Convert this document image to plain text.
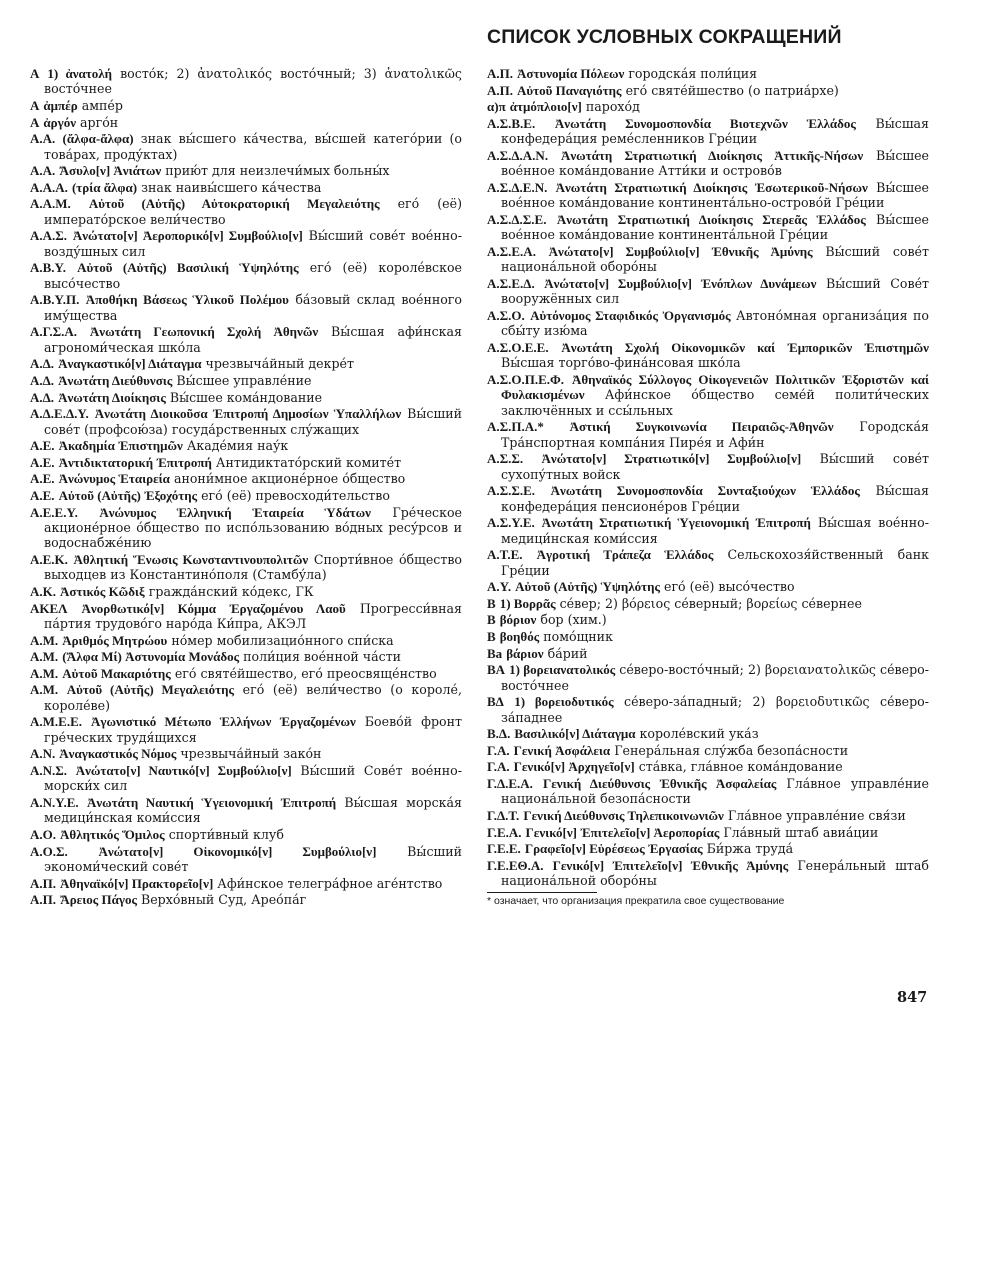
СПИСОК УСЛОВНЫХ СОКРАЩЕНИЙ

A 1) ἀνατολή восто́к; 2) ἀνατολικός восто́чный; 3) ἀνατολικῶς восто́чнее

A ἀμπέρ ампе́р

A ἀργόν арго́н

A.A. (ἄλφα-ἄλφα) знак вы́сшего ка́чества, вы́сшей катего́рии (о това́рах, проду́ктах)

A.A. Ἄσυλο[ν] Ἀνιάτων прию́т для неизлечи́мых больны́х

A.A.A. (τρία ἄλφα) знак наивы́сшего ка́чества

A.A.M. Αὐτοῦ (Αὐτῆς) Αὐτοκρατορική Μεγαλειότης его́ (её) императо́рское вели́чество

A.A.Σ. Ἀνώτατο[ν] Ἀεροπορικό[ν] Συμβούλιο[ν] Вы́сший сове́т вое́нно-возду́шных сил

A.B.Y. Αὐτοῦ (Αὐτῆς) Βασιλική Ὑψηλότης его́ (её) короле́вское высо́чество

A.B.Y.Π. Ἀποθήκη Βάσεως Ὑλικοῦ Πολέμου ба́зовый склад вое́нного иму́щества

A.Γ.Σ.A. Ἀνωτάτη Γεωπονική Σχολή Ἀθηνῶν Вы́сшая афи́нская агрономи́ческая шко́ла

A.Δ. Ἀναγκαστικό[ν] Διάταγμα чрезвыча́йный декре́т

A.Δ. Ἀνωτάτη Διεύθυνσις Вы́сшее управле́ние

A.Δ. Ἀνωτάτη Διοίκησις Вы́сшее кома́ндование

A.Δ.E.Δ.Y. Ἀνωτάτη Διοικοῦσα Ἐπιτροπή Δημοσίων Ὑπαλλήλων Вы́сший сове́т (профсою́за) госуда́рственных слу́жащих

A.E. Ἀκαδημία Ἐπιστημῶν Акаде́мия нау́к

A.E. Ἀντιδικτατορική Ἐπιτροπή Антидиктато́рский комите́т

A.E. Ἀνώνυμος Ἑταιρεία анони́мное акционе́рное о́бщество

A.E. Αὐτοῦ (Αὐτῆς) Ἐξοχότης его́ (её) превосходи́тельство

A.E.E.Y. Ἀνώνυμος Ἑλληνική Ἑταιρεία Ὑδάτων Гре́ческое акционе́рное о́бщество по испо́льзованию во́дных ресу́рсов и водоснабже́нию

A.E.K. Ἀθλητική Ἕνωσις Κωνσταντινουπολιτῶν Спорти́вное о́бщество выходцев из Константино́поля (Стамбу́ла)

A.K. Ἀστικός Κῶδιξ гражда́нский ко́декс, ГК

AKEΛ Ἀνορθωτικό[ν] Κόμμα Ἐργαζομένου Λαοῦ Прогресси́вная па́ртия трудово́го наро́да Ки́пра, АКЭЛ

A.M. Ἀριθμός Μητρώου но́мер мобилизацио́нного спи́ска

A.M. (Ἄλφα Μί) Ἀστυνομία Μονάδος поли́ция вое́нной ча́сти

A.M. Αὐτοῦ Μακαριότης его́ святе́йшество, его́ преосвяще́нство

A.M. Αὐτοῦ (Αὐτῆς) Μεγαλειότης его́ (её) вели́чество (о короле́, короле́ве)

A.M.E.E. Ἀγωνιστικό Μέτωπο Ἑλλήνων Ἐργαζομένων Боево́й фронт гре́ческих трудя́щихся

A.N. Ἀναγκαστικός Νόμος чрезвыча́йный зако́н

A.N.Σ. Ἀνώτατο[ν] Ναυτικό[ν] Συμβούλιο[ν] Вы́сший Сове́т вое́нно-морски́х сил

A.N.Y.E. Ἀνωτάτη Ναυτική Ὑγειονομική Ἐπιτροπή Вы́сшая морска́я медици́нская коми́ссия

A.O. Ἀθλητικός Ὅμιλος спорти́вный клуб

A.O.Σ. Ἀνώτατο[ν] Οἰκονομικό[ν] Συμβούλιο[ν] Вы́сший экономи́ческий сове́т

A.Π. Ἀθηναϊκό[ν] Πρακτορεῖο[ν] Афи́нское телегра́фное аге́нтство

A.Π. Ἄρειος Πάγος Верхо́вный Суд, Арео́па́г

A.Π. Ἀστυνομία Πόλεων городска́я поли́ция

A.Π. Αὐτοῦ Παναγιότης его́ святе́йшество (о патриа́рхе)

α)π ἀτμόπλοιο[ν] парохо́д

A.Σ.B.E. Ἀνωτάτη Συνομοσπονδία Βιοτεχνῶν Ἑλλάδος Вы́сшая конфедера́ция реме́сленников Гре́ции

A.Σ.Δ.A.N. Ἀνωτάτη Στρατιωτική Διοίκησις Ἀττικῆς-Νήσων Вы́сшее вое́нное кома́ндование Атти́ки и острово́в

A.Σ.Δ.E.N. Ἀνωτάτη Στρατιωτική Διοίκησις Ἐσωτερικοῦ-Νήσων Вы́сшее вое́нное кома́ндование континента́льно-острово́й Гре́ции

A.Σ.Δ.Σ.E. Ἀνωτάτη Στρατιωτική Διοίκησις Στερεᾶς Ἑλλάδος Вы́сшее вое́нное кома́ндование континента́льной Гре́ции

A.Σ.E.A. Ἀνώτατο[ν] Συμβούλιο[ν] Ἐθνικῆς Ἀμύνης Вы́сший сове́т национа́льной оборо́ны

A.Σ.E.Δ. Ἀνώτατο[ν] Συμβούλιο[ν] Ἐνόπλων Δυνάμεων Вы́сший Сове́т вооружённых сил

A.Σ.O. Αὐτόνομος Σταφιδικός Ὀργανισμός Автоно́мная организа́ция по сбы́ту изю́ма

A.Σ.O.E.E. Ἀνωτάτη Σχολή Οἰκονομικῶν καί Ἐμπορικῶν Ἐπιστημῶν Вы́сшая торго́во-фина́нсовая шко́ла

A.Σ.O.Π.E.Φ. Ἀθηναϊκός Σύλλογος Οἰκογενειῶν Πολιτικῶν Ἐξοριστῶν καί Φυλακισμένων Афи́нское о́бщество семе́й полити́ческих заключённых и ссы́льных

A.Σ.Π.A.* Ἀστική Συγκοινωνία Πειραιῶς-Ἀθηνῶν Городска́я Тра́нспортная компа́ния Пире́я и Афи́н

A.Σ.Σ. Ἀνώτατο[ν] Στρατιωτικό[ν] Συμβούλιο[ν] Вы́сший сове́т сухопу́тных войск

A.Σ.Σ.E. Ἀνωτάτη Συνομοσπονδία Συνταξιούχων Ἑλλάδος Вы́сшая конфедера́ция пенсионе́ров Гре́ции

A.Σ.Y.E. Ἀνωτάτη Στρατιωτική Ὑγειονομική Ἐπιτροπή Вы́сшая вое́нно-медици́нская коми́ссия

A.T.E. Ἀγροτική Τράπεζα Ἑλλάδος Сельскохозя́йственный банк Гре́ции

A.Y. Αὐτοῦ (Αὐτῆς) Ὑψηλότης его́ (её) высо́чество

B 1) Βορρᾶς се́вер; 2) βόρειος се́верный; βορείως се́вернее

B βόριον бор (хим.)

B βοηθός помо́щник

Ba βάριον ба́рий

BA 1) βορειανατολικός се́веро-восто́чный; 2) βορειανατολικῶς се́веро-восто́чнее

BΔ 1) βορειοδυτικός се́веро-за́падный; 2) βορειοδυτικῶς се́веро-за́паднее

B.Δ. Βασιλικό[ν] Διάταγμα короле́вский ука́з

Γ.A. Γενική Ἀσφάλεια Генера́льная слу́жба безопа́сности

Γ.A. Γενικό[ν] Ἀρχηγεῖο[ν] ста́вка, гла́вное кома́ндование

Γ.Δ.E.A. Γενική Διεύθυνσις Ἐθνικῆς Ἀσφαλείας Гла́вное управле́ние национа́льной безопа́сности

Γ.Δ.T. Γενική Διεύθυνσις Τηλεπικοινωνιῶν Гла́вное управле́ние свя́зи

Γ.E.A. Γενικό[ν] Ἐπιτελεῖο[ν] Ἀεροπορίας Гла́вный штаб авиа́ции

Γ.E.E. Γραφεῖο[ν] Εὑρέσεως Ἐργασίας Би́ржа труда́

Γ.E.EΘ.A. Γενικό[ν] Ἐπιτελεῖο[ν] Ἐθνικῆς Ἀμύνης Генера́льный штаб национа́льной оборо́ны

* означает, что организация прекратила свое существование

847
